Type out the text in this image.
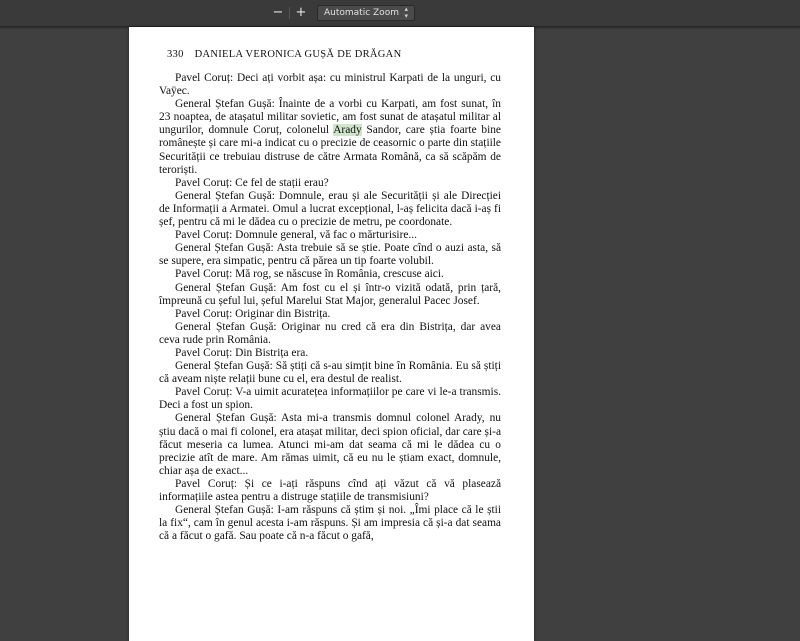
− +	Automatic Zoom ▴
▾
330 DANIELA VERONICA GUȘĂ DE DRĂGAN

Pavel Coruț: Deci ați vorbit așa: cu ministrul Karpati de la unguri, cu Vaÿec.

General Ștefan Gușă: Înainte de a vorbi cu Karpati, am fost sunat, în 23 noaptea, de atașatul militar sovietic, am fost sunat de atașatul militar al ungurilor, domnule Coruț, colonelul Arady Sandor, care știa foarte bine românește și care mi-a indicat cu o precizie de ceasornic o parte din stațiile Securității ce trebuiau distruse de către Armata Română, ca să scăpăm de teroriști.

Pavel Coruț: Ce fel de stații erau?

General Ștefan Gușă: Domnule, erau și ale Securității și ale Direcției de Informații a Armatei. Omul a lucrat excepțional, l-aș felicita dacă i-aș fi șef, pentru că mi le dădea cu o precizie de metru, pe coordonate.

Pavel Coruț: Domnule general, vă fac o mărturisire...

General Ștefan Gușă: Asta trebuie să se știe. Poate cînd o auzi asta, să se supere, era simpatic, pentru că părea un tip foarte volubil.

Pavel Coruț: Mă rog, se născuse în România, crescuse aici.

General Ștefan Gușă: Am fost cu el și într-o vizită odată, prin țară, împreună cu șeful lui, șeful Marelui Stat Major, generalul Pacec Josef.

Pavel Coruț: Originar din Bistrița.

General Ștefan Gușă: Originar nu cred că era din Bistrița, dar avea ceva rude prin România.

Pavel Coruț: Din Bistrița era.

General Ștefan Gușă: Să știți că s-au simțit bine în România. Eu să știți că aveam niște relații bune cu el, era destul de realist.

Pavel Coruț: V-a uimit acuratețea informațiilor pe care vi le-a transmis. Deci a fost un spion.

General Ștefan Gușă: Asta mi-a transmis domnul colonel Arady, nu știu dacă o mai fi colonel, era atașat militar, deci spion oficial, dar care și-a făcut meseria ca lumea. Atunci mi-am dat seama că mi le dădea cu o precizie atît de mare. Am rămas uimit, că eu nu le știam exact, domnule, chiar așa de exact...

Pavel Coruț: Și ce i-ați răspuns cînd ați văzut că vă plasează informațiile astea pentru a distruge stațiile de transmisiuni?

General Ștefan Gușă: I-am răspuns că știm și noi. „Îmi place că le știi la fix“, cam în genul acesta i-am răspuns. Și am impresia că și-a dat seama că a făcut o gafă. Sau poate că n-a făcut o gafă,
